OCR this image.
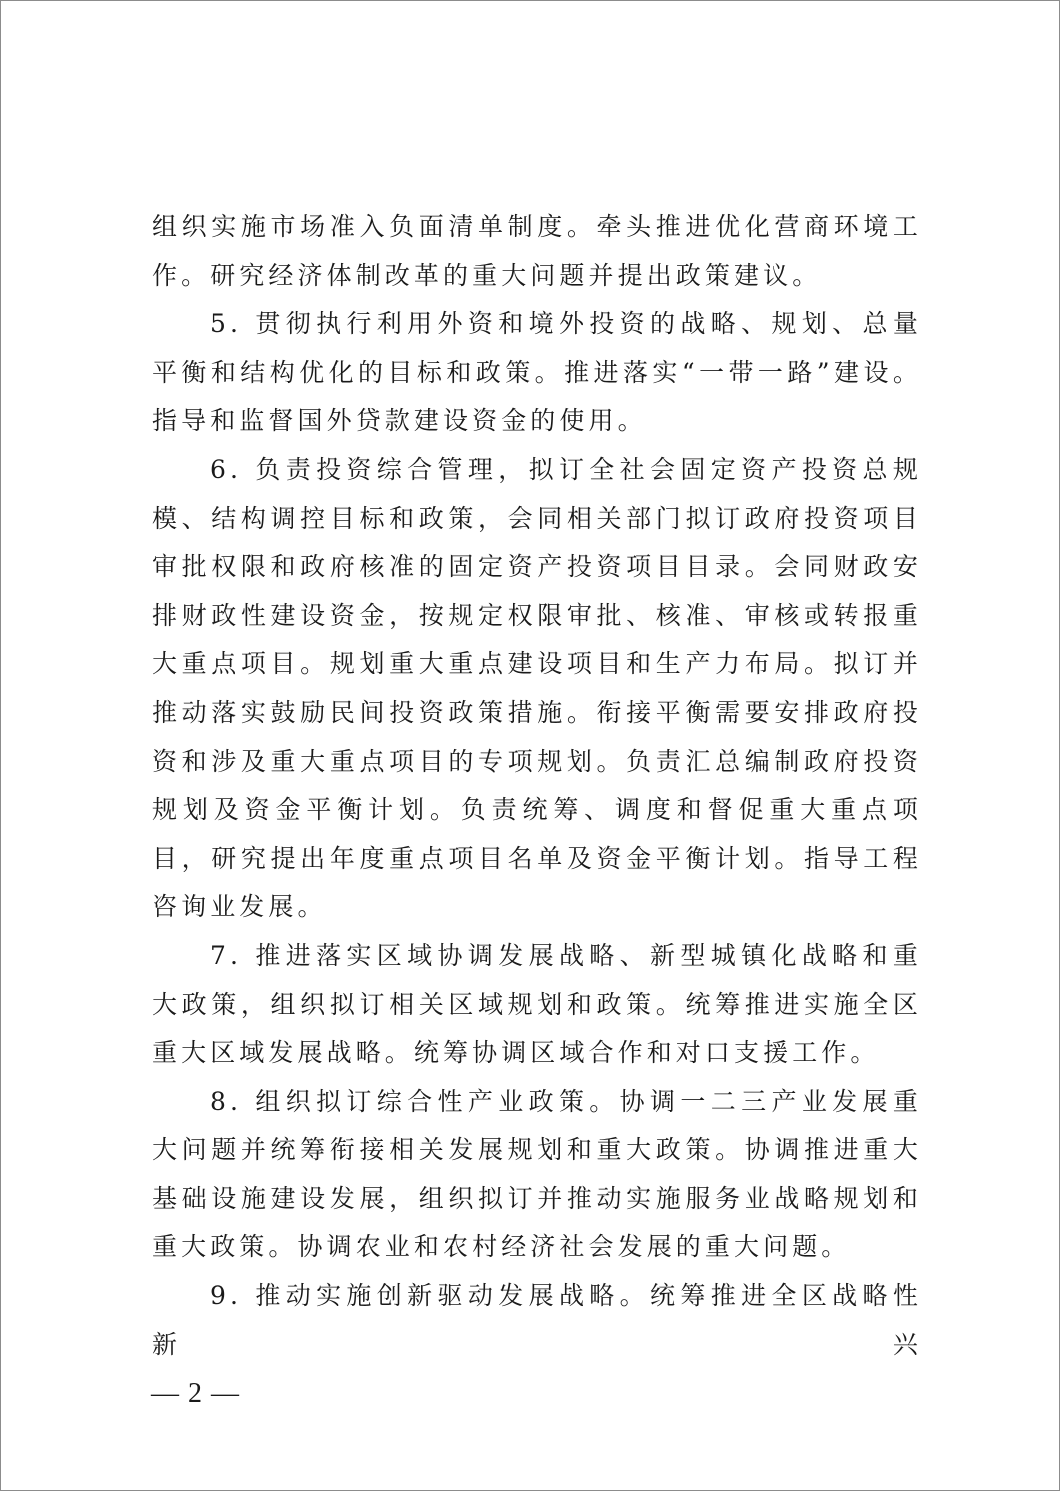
组织实施市场准入负面清单制度。牵头推进优化营商环境工作。研究经济体制改革的重大问题并提出政策建议。

5. 贯彻执行利用外资和境外投资的战略、规划、总量平衡和结构优化的目标和政策。推进落实“一带一路”建设。指导和监督国外贷款建设资金的使用。

6. 负责投资综合管理，拟订全社会固定资产投资总规模、结构调控目标和政策，会同相关部门拟订政府投资项目审批权限和政府核准的固定资产投资项目目录。会同财政安排财政性建设资金，按规定权限审批、核准、审核或转报重大重点项目。规划重大重点建设项目和生产力布局。拟订并推动落实鼓励民间投资政策措施。衔接平衡需要安排政府投资和涉及重大重点项目的专项规划。负责汇总编制政府投资规划及资金平衡计划。负责统筹、调度和督促重大重点项目，研究提出年度重点项目名单及资金平衡计划。指导工程咨询业发展。

7. 推进落实区域协调发展战略、新型城镇化战略和重大政策，组织拟订相关区域规划和政策。统筹推进实施全区重大区域发展战略。统筹协调区域合作和对口支援工作。

8. 组织拟订综合性产业政策。协调一二三产业发展重大问题并统筹衔接相关发展规划和重大政策。协调推进重大基础设施建设发展，组织拟订并推动实施服务业战略规划和重大政策。协调农业和农村经济社会发展的重大问题。

9. 推动实施创新驱动发展战略。统筹推进全区战略性新兴

— 2 —
